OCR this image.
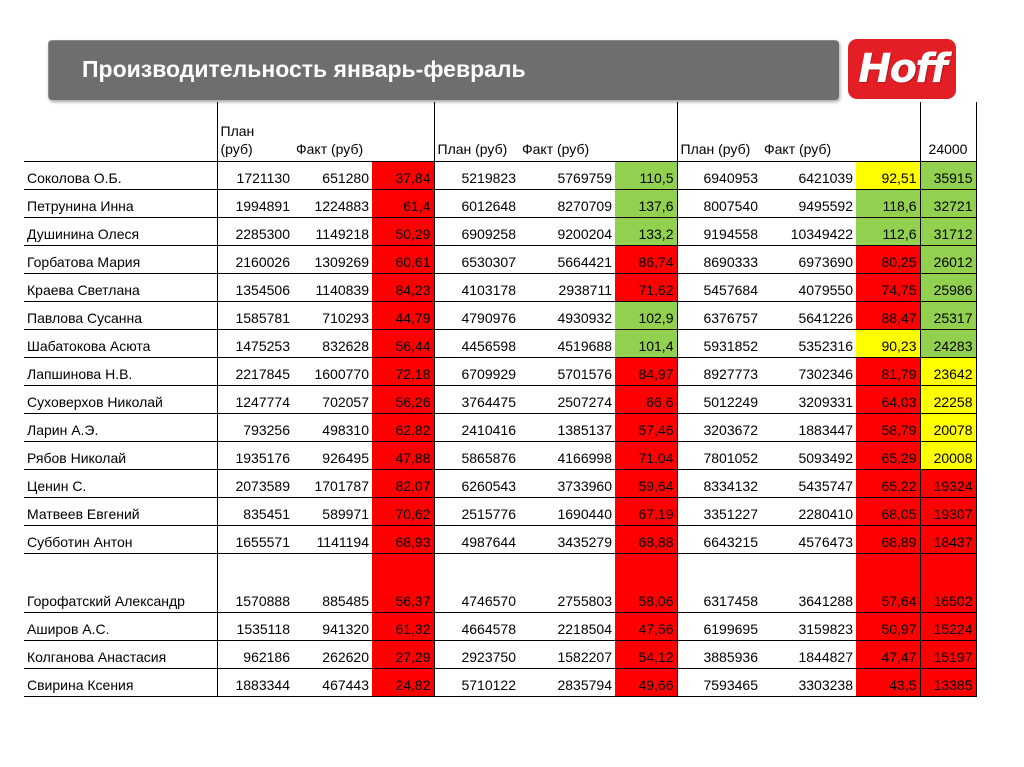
Производительность январь-февраль	Hoff
	План (руб)	Факт (руб)		План (руб)	Факт (руб)		План (руб)	Факт (руб)		24000
Соколова О.Б.	1721130	651280	37,84	5219823	5769759	110,5	6940953	6421039	92,51	35915
Петрунина Инна	1994891	1224883	61,4	6012648	8270709	137,6	8007540	9495592	118,6	32721
Душинина Олеся	2285300	1149218	50,29	6909258	9200204	133,2	9194558	10349422	112,6	31712
Горбатова Мария	2160026	1309269	60,61	6530307	5664421	86,74	8690333	6973690	80,25	26012
Краева Светлана	1354506	1140839	84,23	4103178	2938711	71,62	5457684	4079550	74,75	25986
Павлова Сусанна	1585781	710293	44,79	4790976	4930932	102,9	6376757	5641226	88,47	25317
Шабатокова Асюта	1475253	832628	56,44	4456598	4519688	101,4	5931852	5352316	90,23	24283
Лапшинова Н.В.	2217845	1600770	72,18	6709929	5701576	84,97	8927773	7302346	81,79	23642
Суховерхов Николай	1247774	702057	56,26	3764475	2507274	66,6	5012249	3209331	64,03	22258
Ларин А.Э.	793256	498310	62,82	2410416	1385137	57,46	3203672	1883447	58,79	20078
Рябов Николай	1935176	926495	47,88	5865876	4166998	71,04	7801052	5093492	65,29	20008
Ценин С.	2073589	1701787	82,07	6260543	3733960	59,64	8334132	5435747	65,22	19324
Матвеев Евгений	835451	589971	70,62	2515776	1690440	67,19	3351227	2280410	68,05	19307
Субботин Антон	1655571	1141194	68,93	4987644	3435279	68,88	6643215	4576473	68,89	18437
Горофатский Александр	1570888	885485	56,37	4746570	2755803	58,06	6317458	3641288	57,64	16502
Аширов А.С.	1535118	941320	61,32	4664578	2218504	47,56	6199695	3159823	50,97	15224
Колганова Анастасия	962186	262620	27,29	2923750	1582207	54,12	3885936	1844827	47,47	15197
Свирина Ксения	1883344	467443	24,82	5710122	2835794	49,66	7593465	3303238	43,5	13385
